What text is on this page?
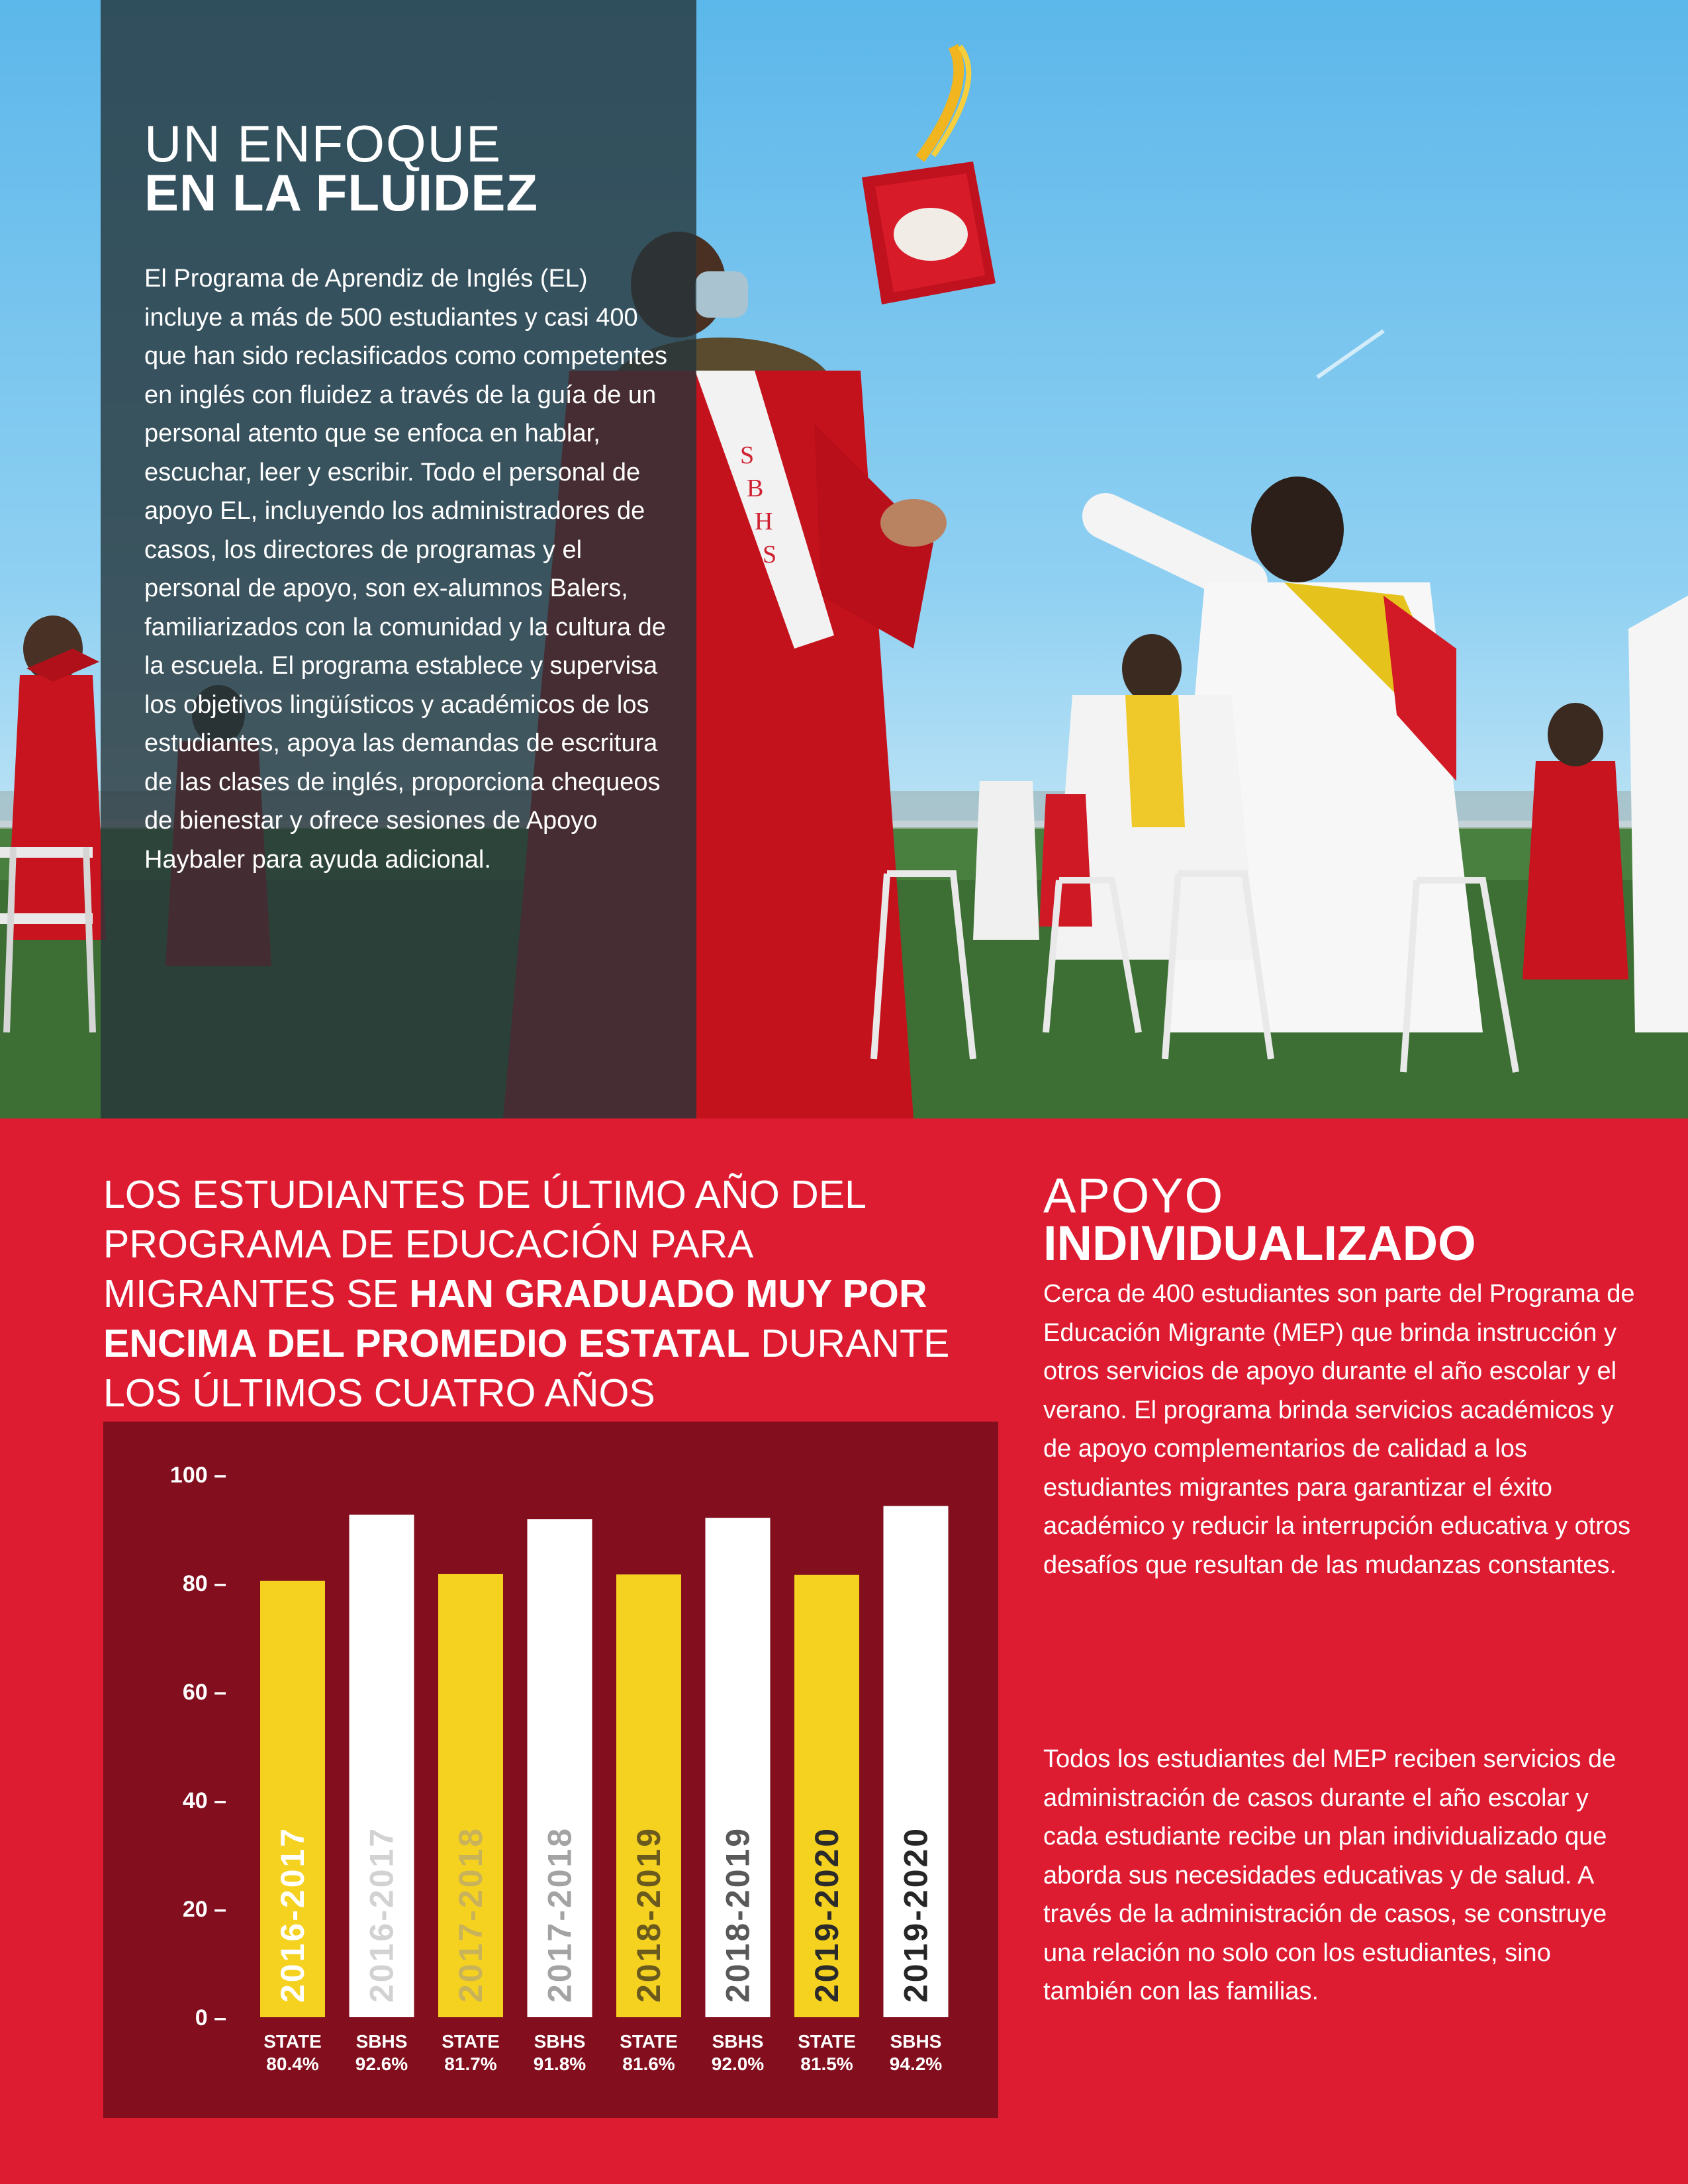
S
B
H
S
UN ENFOQUE
EN LA FLUIDEZ

El Programa de Aprendiz de Inglés (EL) incluye a más de 500 estudiantes y casi 400 que han sido reclasificados como competentes en inglés con fluidez a través de la guía de un personal atento que se enfoca en hablar, escuchar, leer y escribir. Todo el personal de apoyo EL, incluyendo los administradores de casos, los directores de programas y el personal de apoyo, son ex-alumnos Balers, familiarizados con la comunidad y la cultura de la escuela. El programa establece y supervisa los objetivos lingüísticos y académicos de los estudiantes, apoya las demandas de escritura de las clases de inglés, proporciona chequeos de bienestar y ofrece sesiones de Apoyo Haybaler para ayuda adicional.

LOS ESTUDIANTES DE ÚLTIMO AÑO DEL PROGRAMA DE EDUCACIÓN PARA MIGRANTES SE HAN GRADUADO MUY POR ENCIMA DEL PROMEDIO ESTATAL DURANTE LOS ÚLTIMOS CUATRO AÑOS
0 –
20 –
40 –
60 –
80 –
100 –
2016-2017
STATE
80.4%
2016-2017
SBHS
92.6%
2017-2018
STATE
81.7%
2017-2018
SBHS
91.8%
2018-2019
STATE
81.6%
2018-2019
SBHS
92.0%
2019-2020
STATE
81.5%
2019-2020
SBHS
94.2%
APOYO
INDIVIDUALIZADO

Cerca de 400 estudiantes son parte del Programa de Educación Migrante (MEP) que brinda instrucción y otros servicios de apoyo durante el año escolar y el verano. El programa brinda servicios académicos y de apoyo complementarios de calidad a los estudiantes migrantes para garantizar el éxito académico y reducir la interrupción educativa y otros desafíos que resultan de las mudanzas constantes.

Todos los estudiantes del MEP reciben servicios de administración de casos durante el año escolar y cada estudiante recibe un plan individualizado que aborda sus necesidades educativas y de salud. A través de la administración de casos, se construye una relación no solo con los estudiantes, sino también con las familias.
